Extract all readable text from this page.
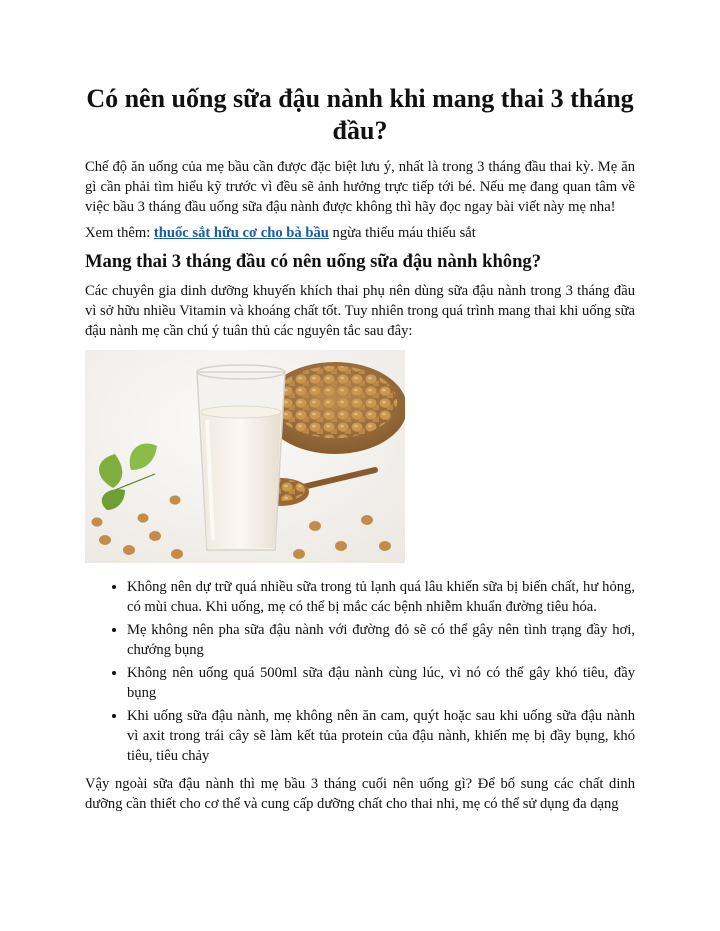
Có nên uống sữa đậu nành khi mang thai 3 tháng đầu?

Chế độ ăn uống của mẹ bầu cần được đặc biệt lưu ý, nhất là trong 3 tháng đầu thai kỳ. Mẹ ăn gì cần phải tìm hiểu kỹ trước vì đều sẽ ảnh hưởng trực tiếp tới bé. Nếu mẹ đang quan tâm về việc bầu 3 tháng đầu uống sữa đậu nành được không thì hãy đọc ngay bài viết này mẹ nha!

Xem thêm: thuốc sắt hữu cơ cho bà bầu ngừa thiếu máu thiếu sắt

Mang thai 3 tháng đầu có nên uống sữa đậu nành không?

Các chuyên gia dinh dưỡng khuyến khích thai phụ nên dùng sữa đậu nành trong 3 tháng đầu vì sở hữu nhiều Vitamin và khoáng chất tốt. Tuy nhiên trong quá trình mang thai khi uống sữa đậu nành mẹ cần chú ý tuân thủ các nguyên tắc sau đây:

• Không nên dự trữ quá nhiều sữa trong tủ lạnh quá lâu khiến sữa bị biến chất, hư hỏng, có mùi chua. Khi uống, mẹ có thể bị mắc các bệnh nhiễm khuẩn đường tiêu hóa.
• Mẹ không nên pha sữa đậu nành với đường đỏ sẽ có thể gây nên tình trạng đầy hơi, chướng bụng
• Không nên uống quá 500ml sữa đậu nành cùng lúc, vì nó có thể gây khó tiêu, đầy bụng
• Khi uống sữa đậu nành, mẹ không nên ăn cam, quýt hoặc sau khi uống sữa đậu nành vì axit trong trái cây sẽ làm kết tủa protein của đậu nành, khiến mẹ bị đầy bụng, khó tiêu, tiêu chảy

Vậy ngoài sữa đậu nành thì mẹ bầu 3 tháng cuối nên uống gì? Để bổ sung các chất dinh dưỡng cần thiết cho cơ thể và cung cấp dưỡng chất cho thai nhi, mẹ có thể sử dụng đa dạng
